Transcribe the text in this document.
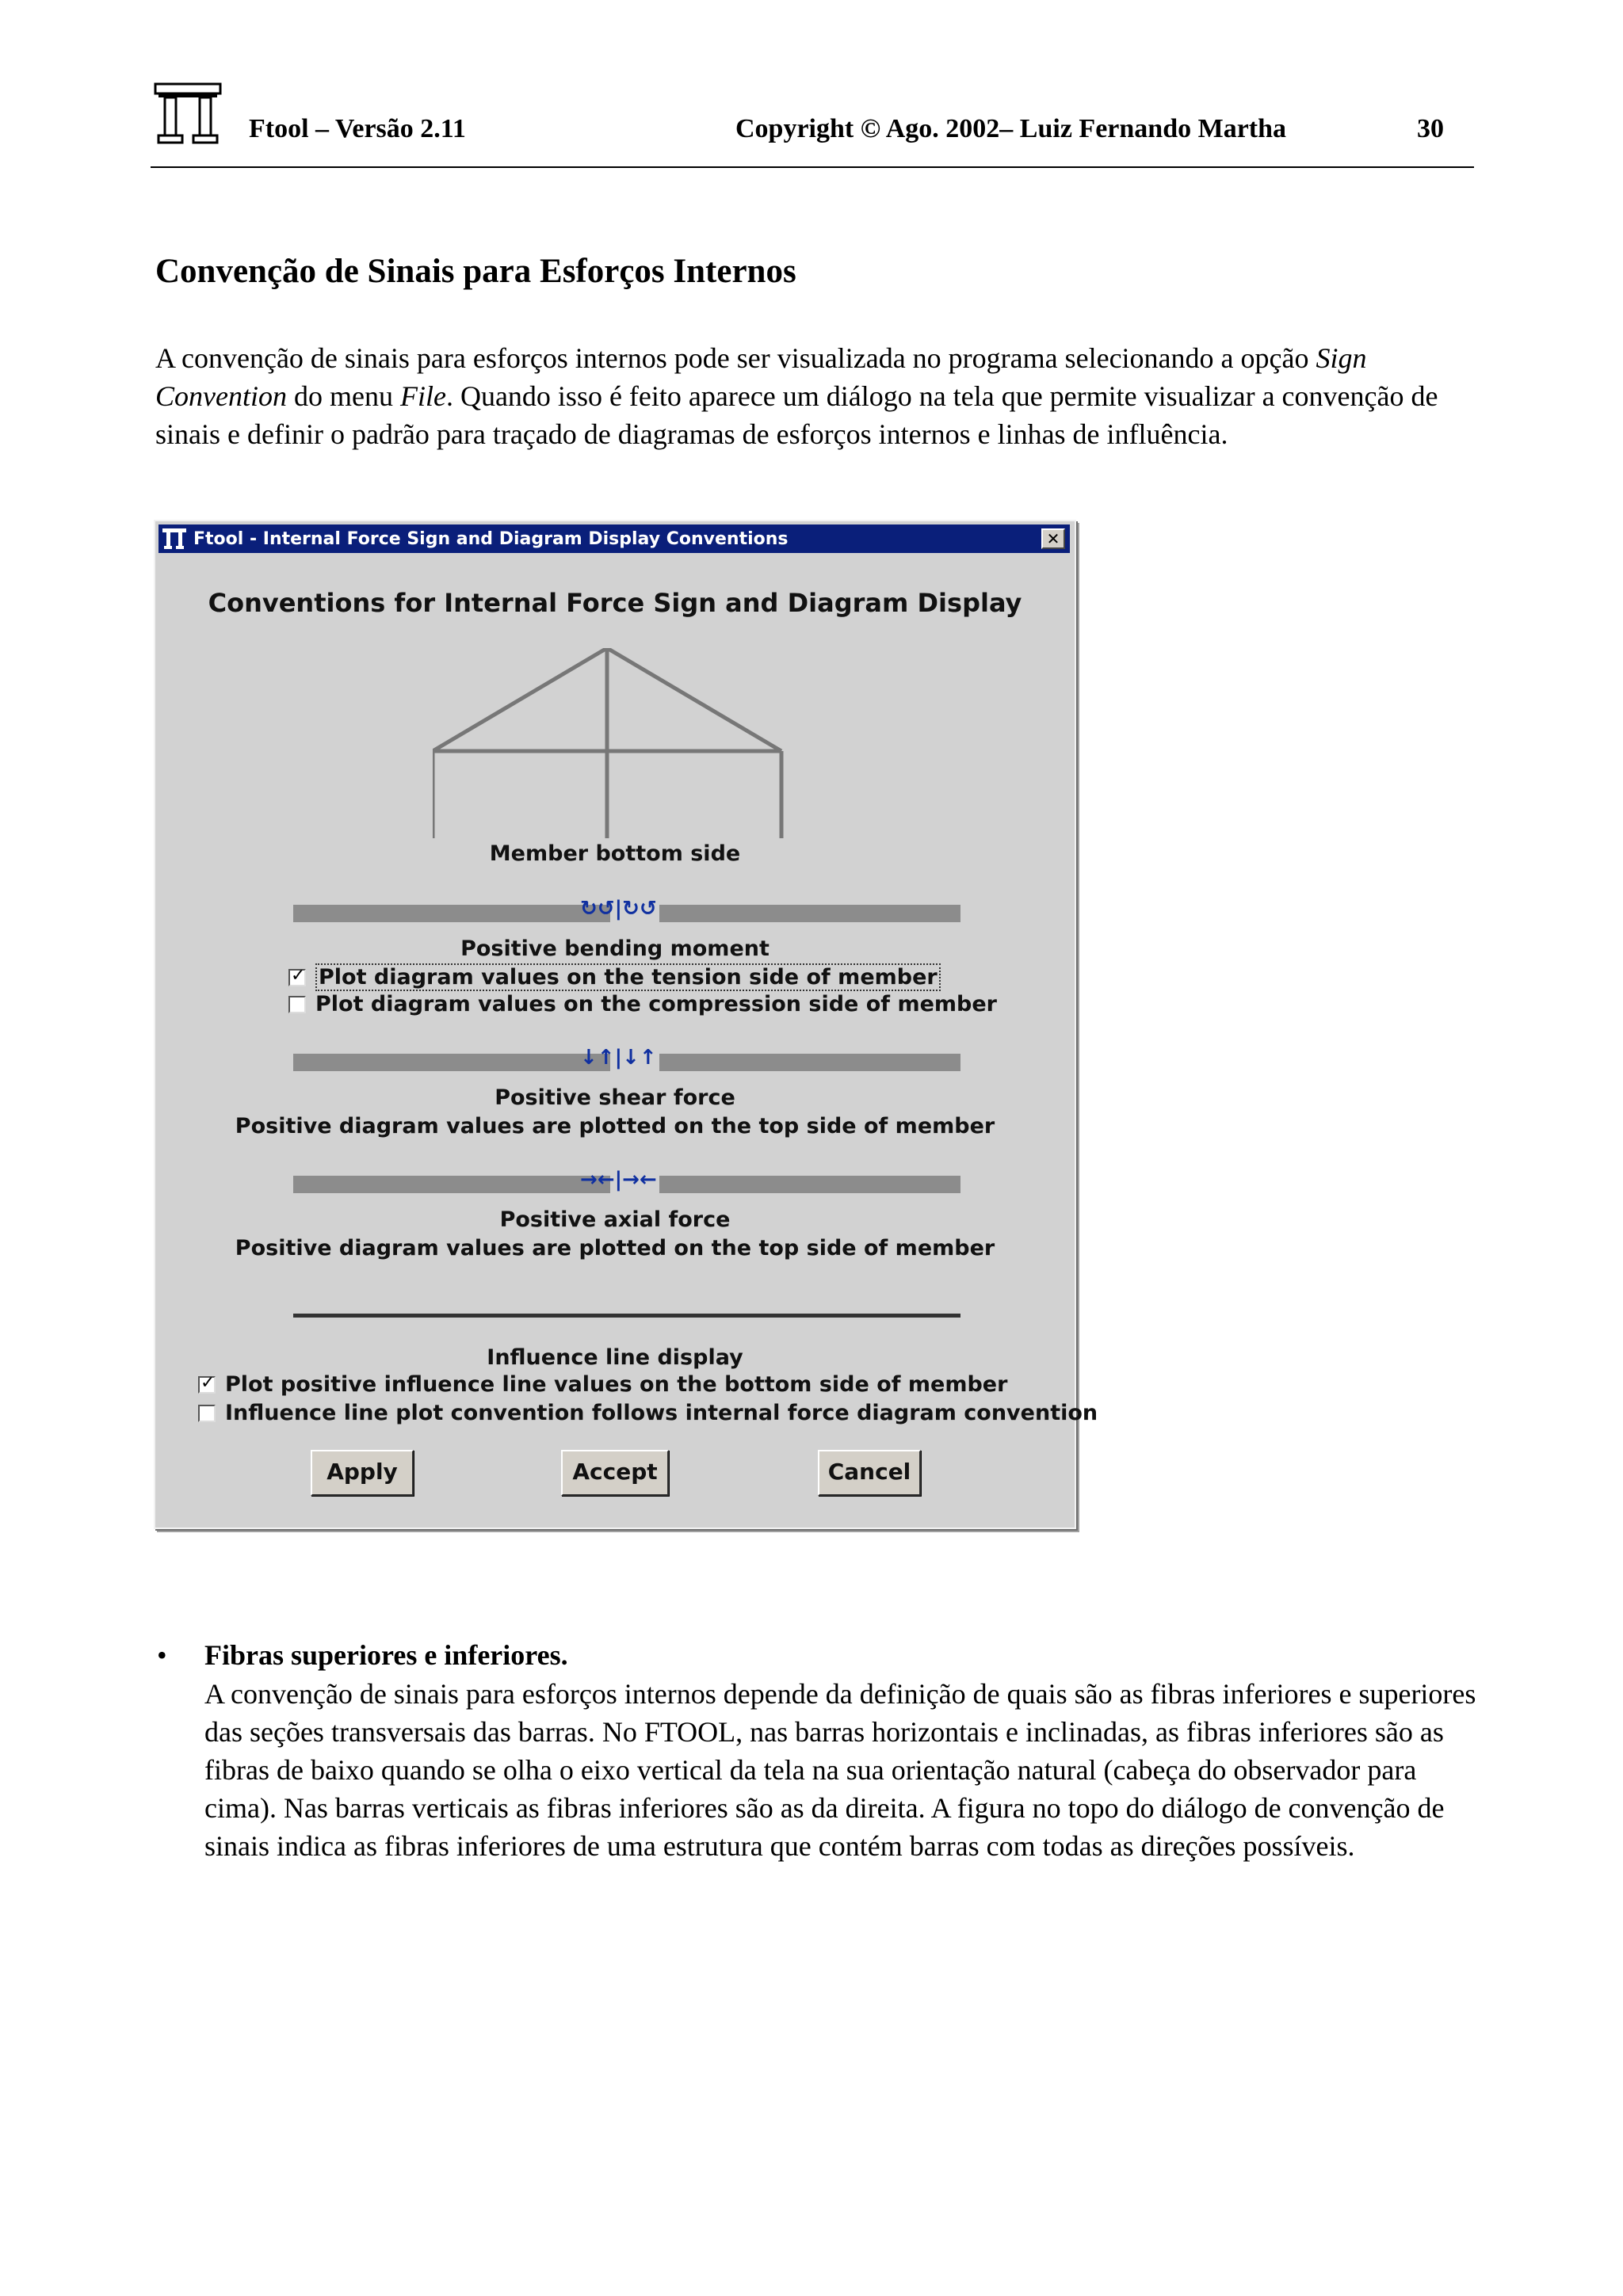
Ftool – Versão 2.11	Copyright © Ago. 2002– Luiz Fernando Martha	30
Convenção de Sinais para Esforços Internos

A convenção de sinais para esforços internos pode ser visualizada no programa selecionando a opção Sign Convention do menu File. Quando isso é feito aparece um diálogo na tela que permite visualizar a convenção de sinais e definir o padrão para traçado de diagramas de esforços internos e linhas de influência.

Ftool - Internal Force Sign and Diagram Display Conventions	✕
Conventions for Internal Force Sign and Diagram Display
Member bottom side
↻↺|↻↺
Positive bending moment
✓
Plot diagram values on the tension side of member
Plot diagram values on the compression side of member
↓↑|↓↑
Positive shear force
Positive diagram values are plotted on the top side of member
→←|→←
Positive axial force
Positive diagram values are plotted on the top side of member
Influence line display
✓
Plot positive influence line values on the bottom side of member
Influence line plot convention follows internal force diagram convention
Apply	Accept	Cancel
• Fibras superiores e inferiores.

A convenção de sinais para esforços internos depende da definição de quais são as fibras inferiores e superiores das seções transversais das barras. No FTOOL, nas barras horizontais e inclinadas, as fibras inferiores são as fibras de baixo quando se olha o eixo vertical da tela na sua orientação natural (cabeça do observador para cima). Nas barras verticais as fibras inferiores são as da direita. A figura no topo do diálogo de convenção de sinais indica as fibras inferiores de uma estrutura que contém barras com todas as direções possíveis.
